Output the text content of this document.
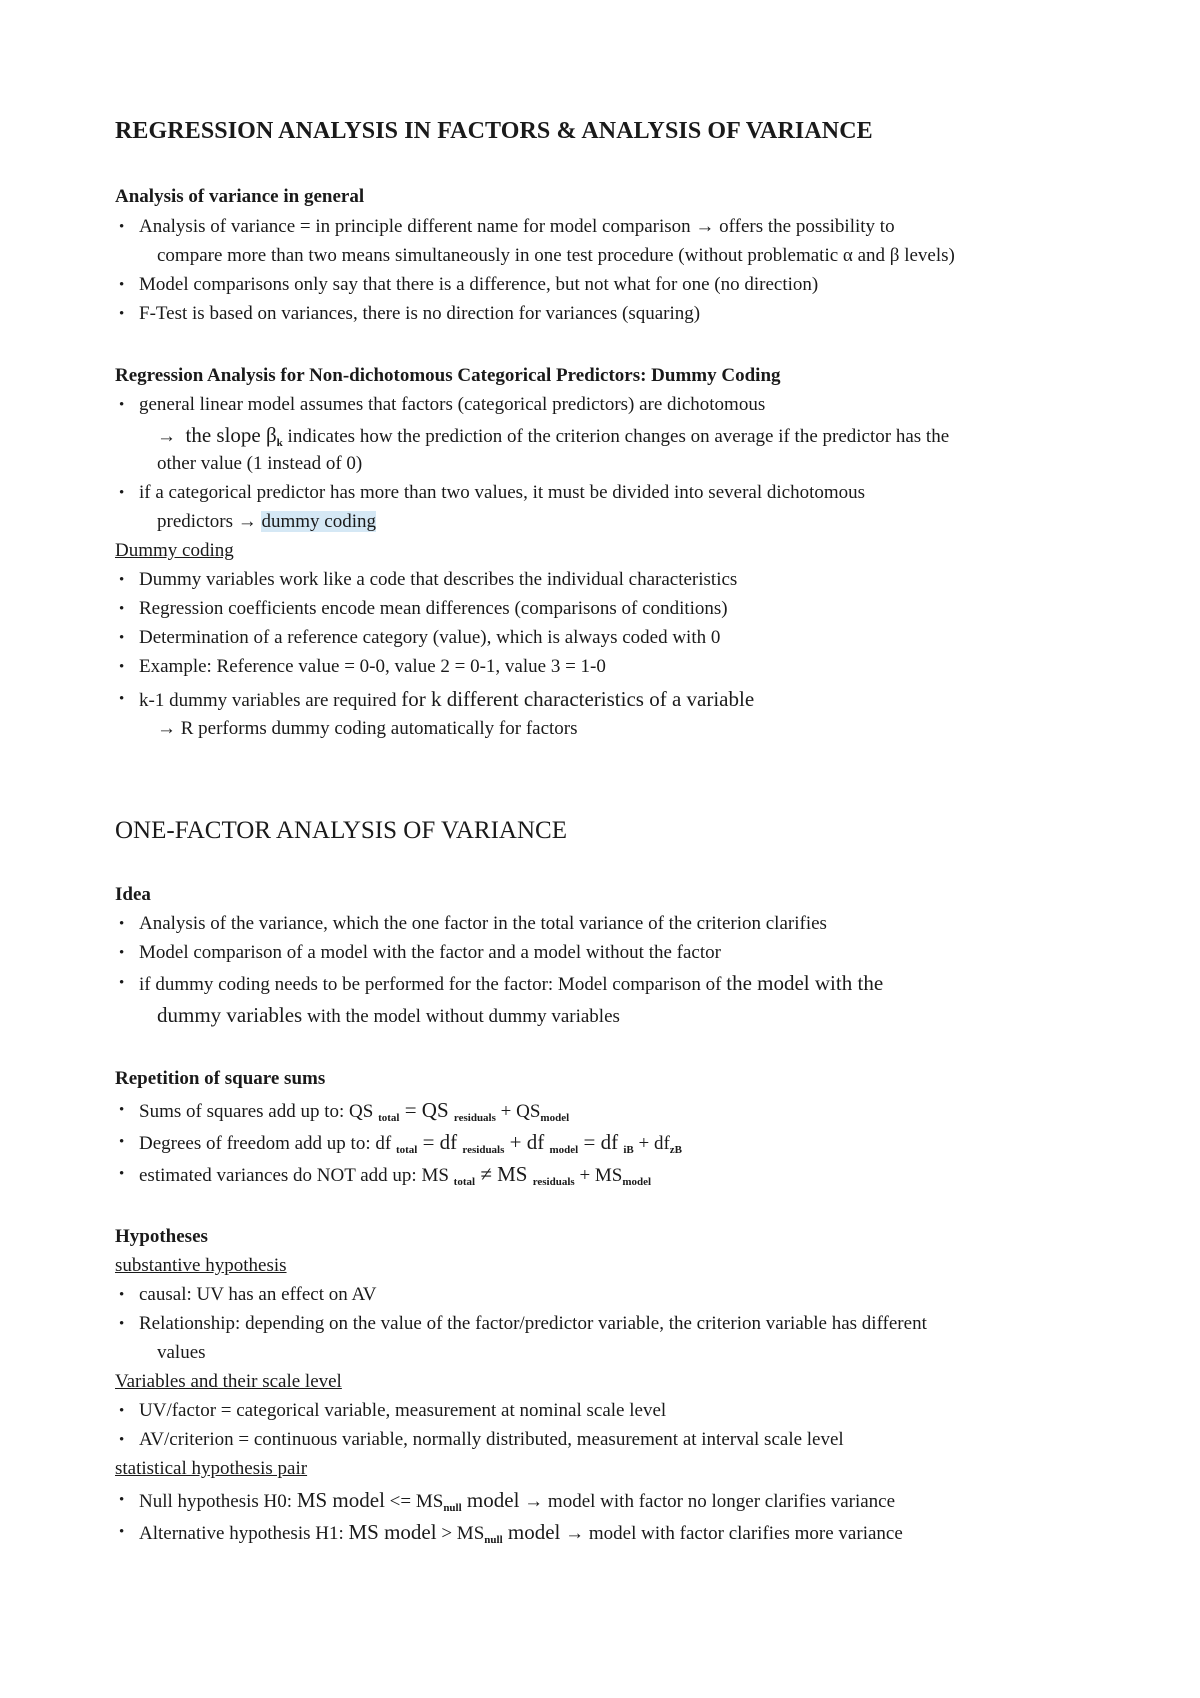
REGRESSION ANALYSIS IN FACTORS & ANALYSIS OF VARIANCE
Analysis of variance in general
• Analysis of variance = in principle different name for model comparison → offers the possibility to
compare more than two means simultaneously in one test procedure (without problematic α and β levels)
• Model comparisons only say that there is a difference, but not what for one (no direction)
• F-Test is based on variances, there is no direction for variances (squaring)
Regression Analysis for Non-dichotomous Categorical Predictors: Dummy Coding
• general linear model assumes that factors (categorical predictors) are dichotomous
→ the slope $\beta_k$ indicates how the prediction of the criterion changes on average if the predictor has the
other value (1 instead of 0)
• if a categorical predictor has more than two values, it must be divided into several dichotomous
predictors → dummy coding
Dummy coding
• Dummy variables work like a code that describes the individual characteristics
• Regression coefficients encode mean differences (comparisons of conditions)
• Determination of a reference category (value), which is always coded with 0
• Example: Reference value = 0-0, value 2 = 0-1, value 3 = 1-0
• k-1 dummy variables are required for k different characteristics of a variable
→ R performs dummy coding automatically for factors
ONE-FACTOR ANALYSIS OF VARIANCE
Idea
• Analysis of the variance, which the one factor in the total variance of the criterion clarifies
• Model comparison of a model with the factor and a model without the factor
• if dummy coding needs to be performed for the factor: Model comparison of the model with the
dummy variables with the model without dummy variables
Repetition of square sums
• Sums of squares add up to: QS $_{total}$ = QS $_{residuals} + QS_{model}$
• Degrees of freedom add up to: df $_{total}$ = df $_{residuals}$ + df $_{model}$ = df $_{iB} + df_{zB}$
• estimated variances do NOT add up: MS $_{total}$ ≠ MS $_{residuals} + MS_{model}$
Hypotheses
substantive hypothesis
• causal: UV has an effect on AV
• Relationship: depending on the value of the factor/predictor variable, the criterion variable has different
values
Variables and their scale level
• UV/factor = categorical variable, measurement at nominal scale level
• AV/criterion = continuous variable, normally distributed, measurement at interval scale level
statistical hypothesis pair
• Null hypothesis H0: MS model <= $MS_{null}$ model → model with factor no longer clarifies variance
• Alternative hypothesis H1: MS model > $MS_{null}$ model → model with factor clarifies more variance
